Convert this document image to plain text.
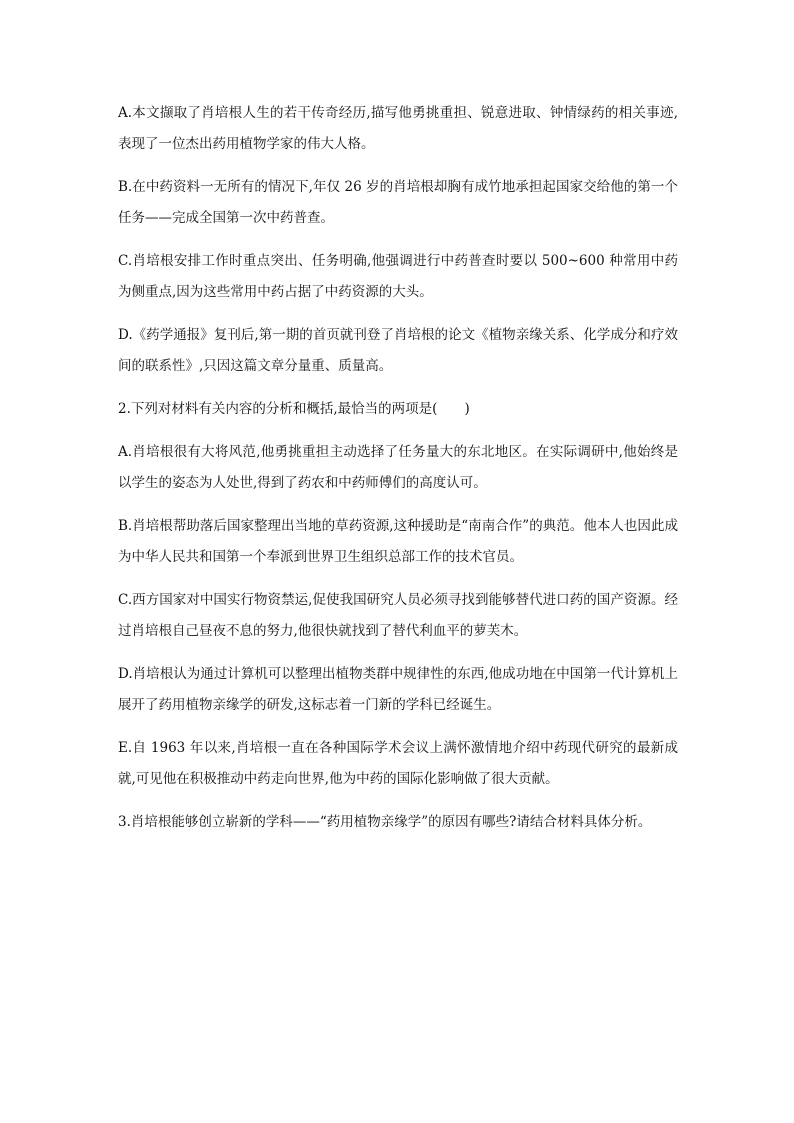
A.本文撷取了肖培根人生的若干传奇经历,描写他勇挑重担、锐意进取、钟情绿药的相关事迹,表现了一位杰出药用植物学家的伟大人格。

B.在中药资料一无所有的情况下,年仅 26 岁的肖培根却胸有成竹地承担起国家交给他的第一个任务——完成全国第一次中药普查。

C.肖培根安排工作时重点突出、任务明确,他强调进行中药普查时要以 500~600 种常用中药为侧重点,因为这些常用中药占据了中药资源的大头。

D.《药学通报》复刊后,第一期的首页就刊登了肖培根的论文《植物亲缘关系、化学成分和疗效间的联系性》,只因这篇文章分量重、质量高。

2.下列对材料有关内容的分析和概括,最恰当的两项是(　　)

A.肖培根很有大将风范,他勇挑重担主动选择了任务量大的东北地区。在实际调研中,他始终是以学生的姿态为人处世,得到了药农和中药师傅们的高度认可。

B.肖培根帮助落后国家整理出当地的草药资源,这种援助是“南南合作”的典范。他本人也因此成为中华人民共和国第一个奉派到世界卫生组织总部工作的技术官员。

C.西方国家对中国实行物资禁运,促使我国研究人员必须寻找到能够替代进口药的国产资源。经过肖培根自己昼夜不息的努力,他很快就找到了替代利血平的萝芙木。

D.肖培根认为通过计算机可以整理出植物类群中规律性的东西,他成功地在中国第一代计算机上展开了药用植物亲缘学的研发,这标志着一门新的学科已经诞生。

E.自 1963 年以来,肖培根一直在各种国际学术会议上满怀激情地介绍中药现代研究的最新成就,可见他在积极推动中药走向世界,他为中药的国际化影响做了很大贡献。

3.肖培根能够创立崭新的学科——“药用植物亲缘学”的原因有哪些?请结合材料具体分析。
